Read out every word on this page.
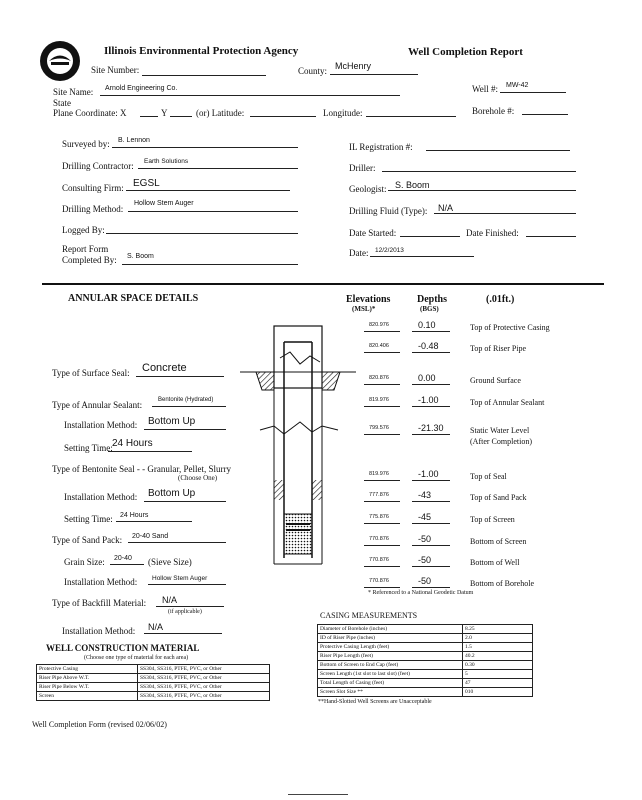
Illinois Environmental Protection Agency	Well Completion Report
Site Number:	County: McHenry
Site Name: Arnold Engineering Co.	Well #: MW-42
State
Plane Coordinate: X	Y	(or) Latitude:	Longitude:	Borehole #:
Surveyed by: B. Lennon
IL Registration #:
Drilling Contractor: Earth Solutions
Driller:
Consulting Firm: EGSL	Geologist: S. Boom
Drilling Method:
Hollow Stem Auger
Drilling Fluid (Type): N/A
Logged By:	Date Started:	Date Finished:
Report Form
Completed By: S. Boom	Date: 12/2/2013
ANNULAR SPACE DETAILS	Elevations
(MSL)*
Depths
(BGS)
(.01ft.)
820.976	0.10	Top of Protective Casing
820.406	-0.48	Top of Riser Pipe
820.876	0.00	Ground Surface
819.976	-1.00	Top of Annular Sealant
799.576	-21.30	Static Water Level
(After Completion)
819.976	-1.00	Top of Seal
777.876	-43	Top of Sand Pack
775.876	-45	Top of Screen
770.876	-50	Bottom of Screen
770.876	-50	Bottom of Well
770.876	-50	Bottom of Borehole
* Referenced to a National Geodetic Datum
Type of Surface Seal: Concrete
Type of Annular Sealant:	Bentonite (Hydrated)
Installation Method: Bottom Up
Setting Time: 24 Hours
Type of Bentonite Seal - - Granular, Pellet, Slurry
(Choose One)
Installation Method: Bottom Up
Setting Time: 24 Hours
Type of Sand Pack: 20-40 Sand
Grain Size: 20-40 (Sieve Size)
Installation Method: Hollow Stem Auger
Type of Backfill Material: N/A
(if applicable)
Installation Method: N/A
WELL CONSTRUCTION MATERIAL
(Choose one type of material for each area)
Protective Casing	SS304, SS316, PTFE, PVC, or Other
Riser Pipe Above W.T.	SS304, SS316, PTFE, PVC, or Other
Riser Pipe Below W.T.	SS304, SS316, PTFE, PVC, or Other
Screen	SS304, SS316, PTFE, PVC, or Other
CASING MEASUREMENTS
Diameter of Borehole (inches)	8.25
ID of Riser Pipe (inches)	2.0
Protective Casing Length (feet)	1.5
Riser Pipe Length (feet)	40.2
Bottom of Screen to End Cap (feet)	0.30
Screen Length (1st slot to last slot) (feet)	5
Total Length of Casing (feet)	47
Screen Slot Size **	010
**Hand-Slotted Well Screens are Unacceptable
Well Completion Form (revised 02/06/02)
